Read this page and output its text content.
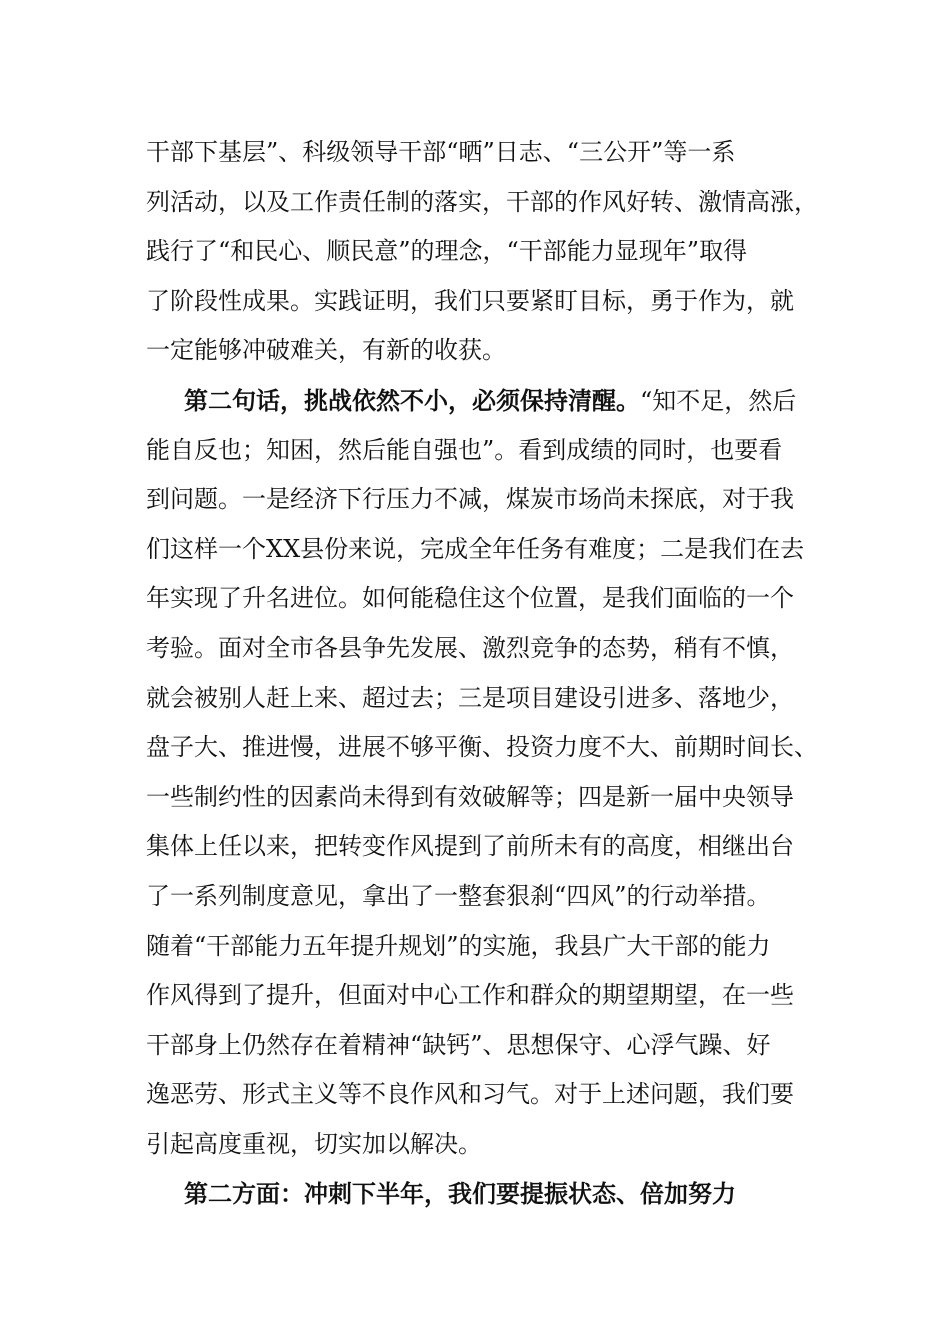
干部下基层”、科级领导干部“晒”日志、“三公开”等一系
列活动，以及工作责任制的落实，干部的作风好转、激情高涨，
践行了“和民心、顺民意”的理念，“干部能力显现年”取得
了阶段性成果。实践证明，我们只要紧盯目标，勇于作为，就
一定能够冲破难关，有新的收获。
第二句话，挑战依然不小，必须保持清醒。“知不足，然后
能自反也；知困，然后能自强也”。看到成绩的同时，也要看
到问题。一是经济下行压力不减，煤炭市场尚未探底，对于我
们这样一个XX县份来说，完成全年任务有难度；二是我们在去
年实现了升名进位。如何能稳住这个位置，是我们面临的一个
考验。面对全市各县争先发展、激烈竞争的态势，稍有不慎，
就会被别人赶上来、超过去；三是项目建设引进多、落地少，
盘子大、推进慢，进展不够平衡、投资力度不大、前期时间长、
一些制约性的因素尚未得到有效破解等；四是新一届中央领导
集体上任以来，把转变作风提到了前所未有的高度，相继出台
了一系列制度意见，拿出了一整套狠刹“四风”的行动举措。
随着“干部能力五年提升规划”的实施，我县广大干部的能力
作风得到了提升，但面对中心工作和群众的期望期望，在一些
干部身上仍然存在着精神“缺钙”、思想保守、心浮气躁、好
逸恶劳、形式主义等不良作风和习气。对于上述问题，我们要
引起高度重视，切实加以解决。
第二方面：冲刺下半年，我们要提振状态、倍加努力
